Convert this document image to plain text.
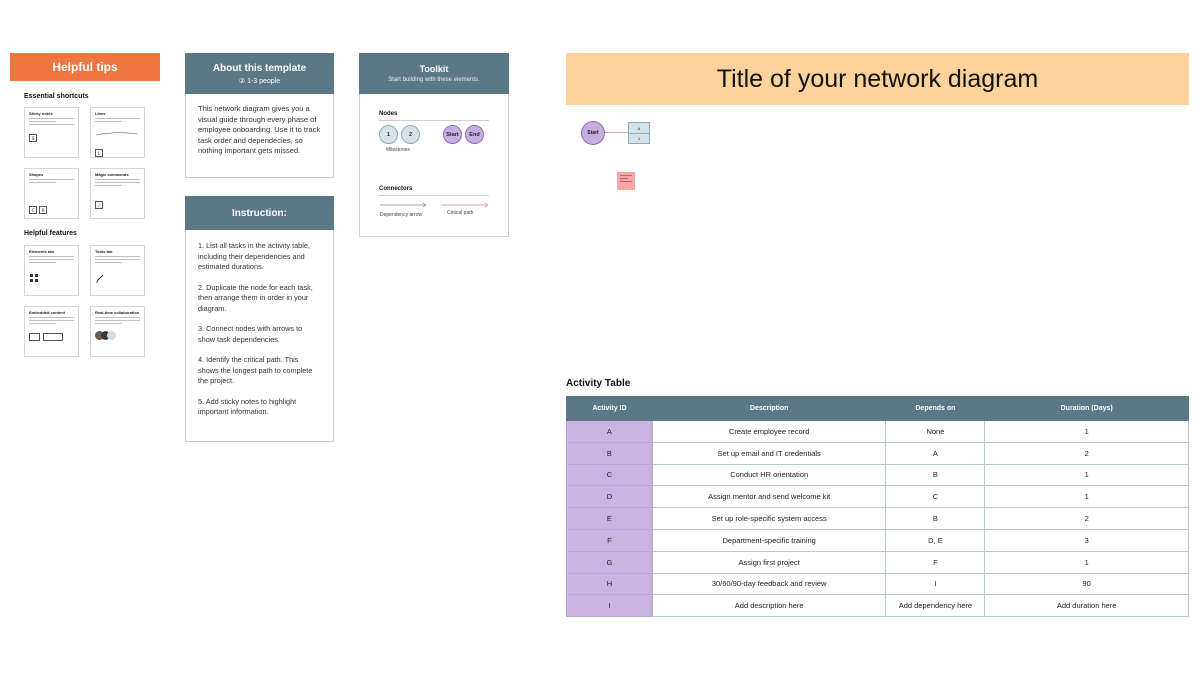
Helpful tips
Essential shortcuts
Sticky notes
S
Lines
L
Shapes
C R
Magic commands
/
Helpful features
Elements tab	Tools tab
Embedded content	Real-time collaboration
About this template
② 1-3 people
This network diagram gives you a visual guide through every phase of employee onboarding. Use it to track task order and dependecies, so nothing important gets missed.
Instruction:

1. List all tasks in the activity table, including their dependencies and estimated durations.

2. Duplicate the node for each task, then arrange them in order in your diagram.

3. Connect nodes with arrows to show task dependencies.

4. Identify the critical path. This shows the longest path to complete the project.

5. Add sticky notes to highlight important information.

Toolkit
Start building with these elements.
Nodes
1	2	Start	End
Milestones
Connectors
Dependency arrow	Critical path
Title of your network diagram
Start
A
1
Activity Table
Activity ID	Description	Depends on	Duration (Days)
A	Create employee record	None	1
B	Set up email and IT credentials	A	2
C	Conduct HR orientation	B	1
D	Assign mentor and send welcome kit	C	1
E	Set up role-specific system access	B	2
F	Department-specific training	D, E	3
G	Assign first project	F	1
H	30/60/90-day feedback and review	I	90
I	Add description here	Add dependency here	Add duration here
